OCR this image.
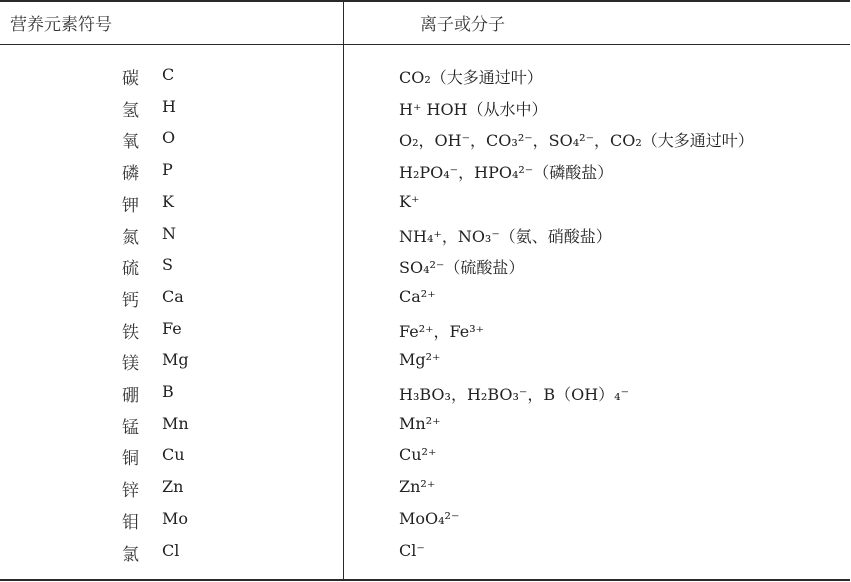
营养元素符号	离子或分子
碳 C	CO₂（大多通过叶）
氢 H	H⁺ HOH（从水中）
氧 O	O₂，OH⁻，CO₃²⁻，SO₄²⁻，CO₂（大多通过叶）
磷 P	H₂PO₄⁻，HPO₄²⁻（磷酸盐）
钾 K	K⁺
氮 N	NH₄⁺，NO₃⁻（氨、硝酸盐）
硫 S	SO₄²⁻（硫酸盐）
钙 Ca	Ca²⁺
铁 Fe	Fe²⁺，Fe³⁺
镁 Mg	Mg²⁺
硼 B	H₃BO₃，H₂BO₃⁻，B（OH）₄⁻
锰 Mn	Mn²⁺
铜 Cu	Cu²⁺
锌 Zn	Zn²⁺
钼 Mo	MoO₄²⁻
氯 Cl	Cl⁻
